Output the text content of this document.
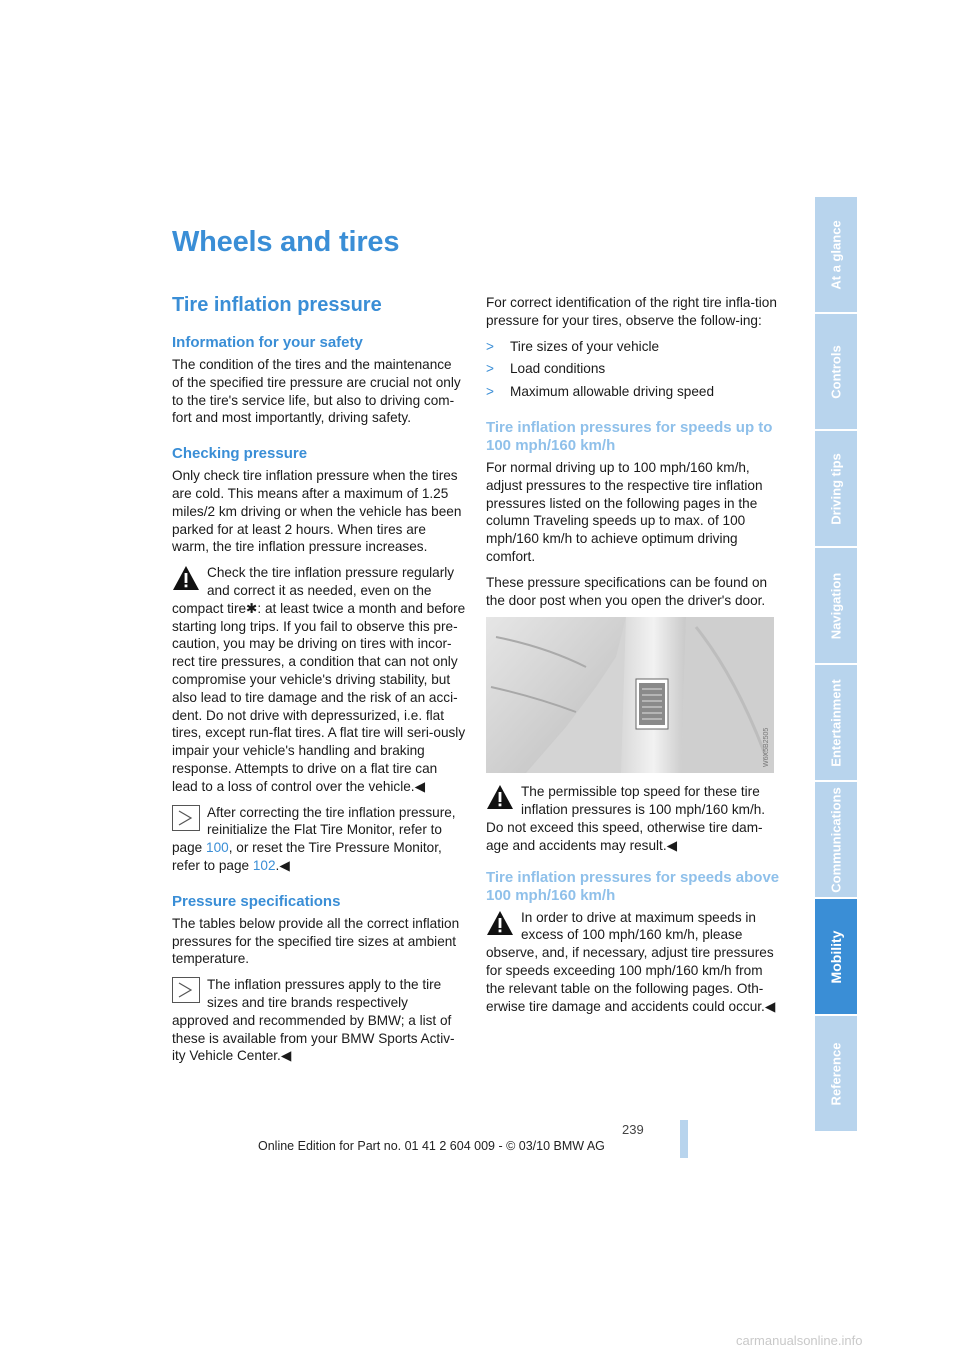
Wheels and tires
Tire inflation pressure
Information for your safety

The condition of the tires and the maintenance of the specified tire pressure are crucial not only to the tire's service life, but also to driving com-fort and most importantly, driving safety.

Checking pressure

Only check tire inflation pressure when the tires are cold. This means after a maximum of 1.25 miles/2 km driving or when the vehicle has been parked for at least 2 hours. When tires are warm, the tire inflation pressure increases.

Check the tire inflation pressure regularly and correct it as needed, even on the
compact tire✱: at least twice a month and before starting long trips. If you fail to observe this pre-caution, you may be driving on tires with incor-rect tire pressures, a condition that can not only compromise your vehicle's driving stability, but also lead to tire damage and the risk of an acci-dent. Do not drive with depressurized, i.e. flat tires, except run-flat tires. A flat tire will seri-ously impair your vehicle's handling and braking response. Attempts to drive on a flat tire can lead to a loss of control over the vehicle.◀
After correcting the tire inflation pressure, reinitialize the Flat Tire Monitor, refer to
page 100, or reset the Tire Pressure Monitor, refer to page 102.◀
Pressure specifications

The tables below provide all the correct inflation pressures for the specified tire sizes at ambient temperature.

The inflation pressures apply to the tire sizes and tire brands respectively
approved and recommended by BMW; a list of these is available from your BMW Sports Activ-ity Vehicle Center.◀

For correct identification of the right tire infla-tion pressure for your tires, observe the follow-ing:

> Tire sizes of your vehicle
> Load conditions
> Maximum allowable driving speed
Tire inflation pressures for speeds up to 100 mph/160 km/h

For normal driving up to 100 mph/160 km/h, adjust pressures to the respective tire inflation pressures listed on the following pages in the column Traveling speeds up to max. of 100 mph/160 km/h to achieve optimum driving comfort.

These pressure specifications can be found on the door post when you open the driver's door.

W6X5B2505
The permissible top speed for these tire inflation pressures is 100 mph/160 km/h.
Do not exceed this speed, otherwise tire dam-age and accidents may result.◀
Tire inflation pressures for speeds above 100 mph/160 km/h
In order to drive at maximum speeds in excess of 100 mph/160 km/h, please
observe, and, if necessary, adjust tire pressures for speeds exceeding 100 mph/160 km/h from the relevant table on the following pages. Oth-erwise tire damage and accidents could occur.◀
At a glance
Controls
Driving tips
Navigation
Entertainment
Communications
Mobility
Reference
239
Online Edition for Part no. 01 41 2 604 009 - © 03/10 BMW AG
carmanualsonline.info
